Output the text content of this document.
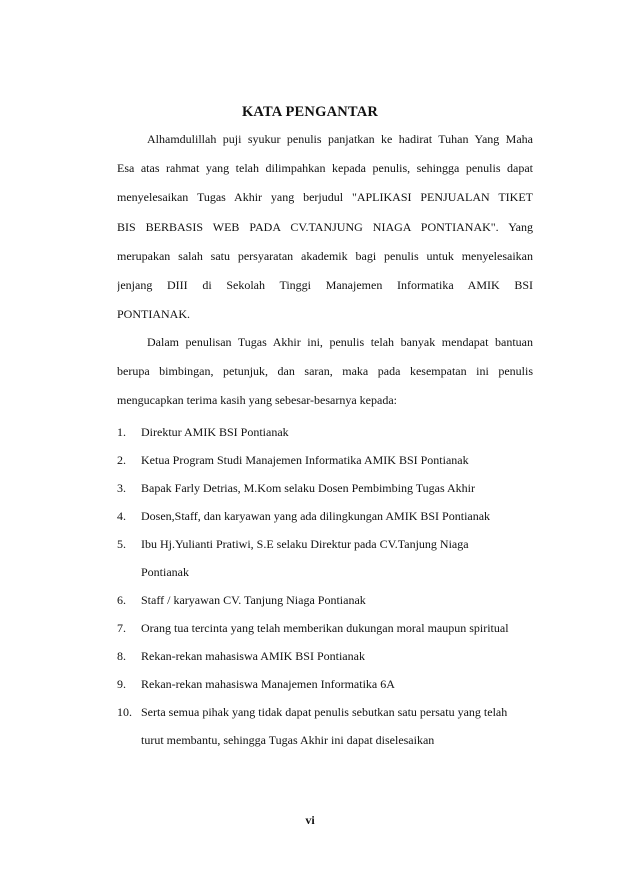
KATA PENGANTAR
Alhamdulillah puji syukur penulis panjatkan ke hadirat Tuhan Yang Maha
Esa atas rahmat yang telah dilimpahkan kepada penulis, sehingga penulis dapat
menyelesaikan Tugas Akhir yang berjudul "APLIKASI PENJUALAN TIKET
BIS BERBASIS WEB PADA CV.TANJUNG NIAGA PONTIANAK". Yang
merupakan salah satu persyaratan akademik bagi penulis untuk menyelesaikan
jenjang DIII di Sekolah Tinggi Manajemen Informatika AMIK BSI
PONTIANAK.
Dalam penulisan Tugas Akhir ini, penulis telah banyak mendapat bantuan
berupa bimbingan, petunjuk, dan saran, maka pada kesempatan ini penulis
mengucapkan terima kasih yang sebesar-besarnya kepada:
1. Direktur AMIK BSI Pontianak
2. Ketua Program Studi Manajemen Informatika AMIK BSI Pontianak
3. Bapak Farly Detrias, M.Kom selaku Dosen Pembimbing Tugas Akhir
4. Dosen,Staff, dan karyawan yang ada dilingkungan AMIK BSI Pontianak
5. Ibu Hj.Yulianti Pratiwi, S.E selaku Direktur pada CV.Tanjung Niaga
Pontianak
6. Staff / karyawan CV. Tanjung Niaga Pontianak
7. Orang tua tercinta yang telah memberikan dukungan moral maupun spiritual
8. Rekan-rekan mahasiswa AMIK BSI Pontianak
9. Rekan-rekan mahasiswa Manajemen Informatika 6A
10. Serta semua pihak yang tidak dapat penulis sebutkan satu persatu yang telah
turut membantu, sehingga Tugas Akhir ini dapat diselesaikan
vi
